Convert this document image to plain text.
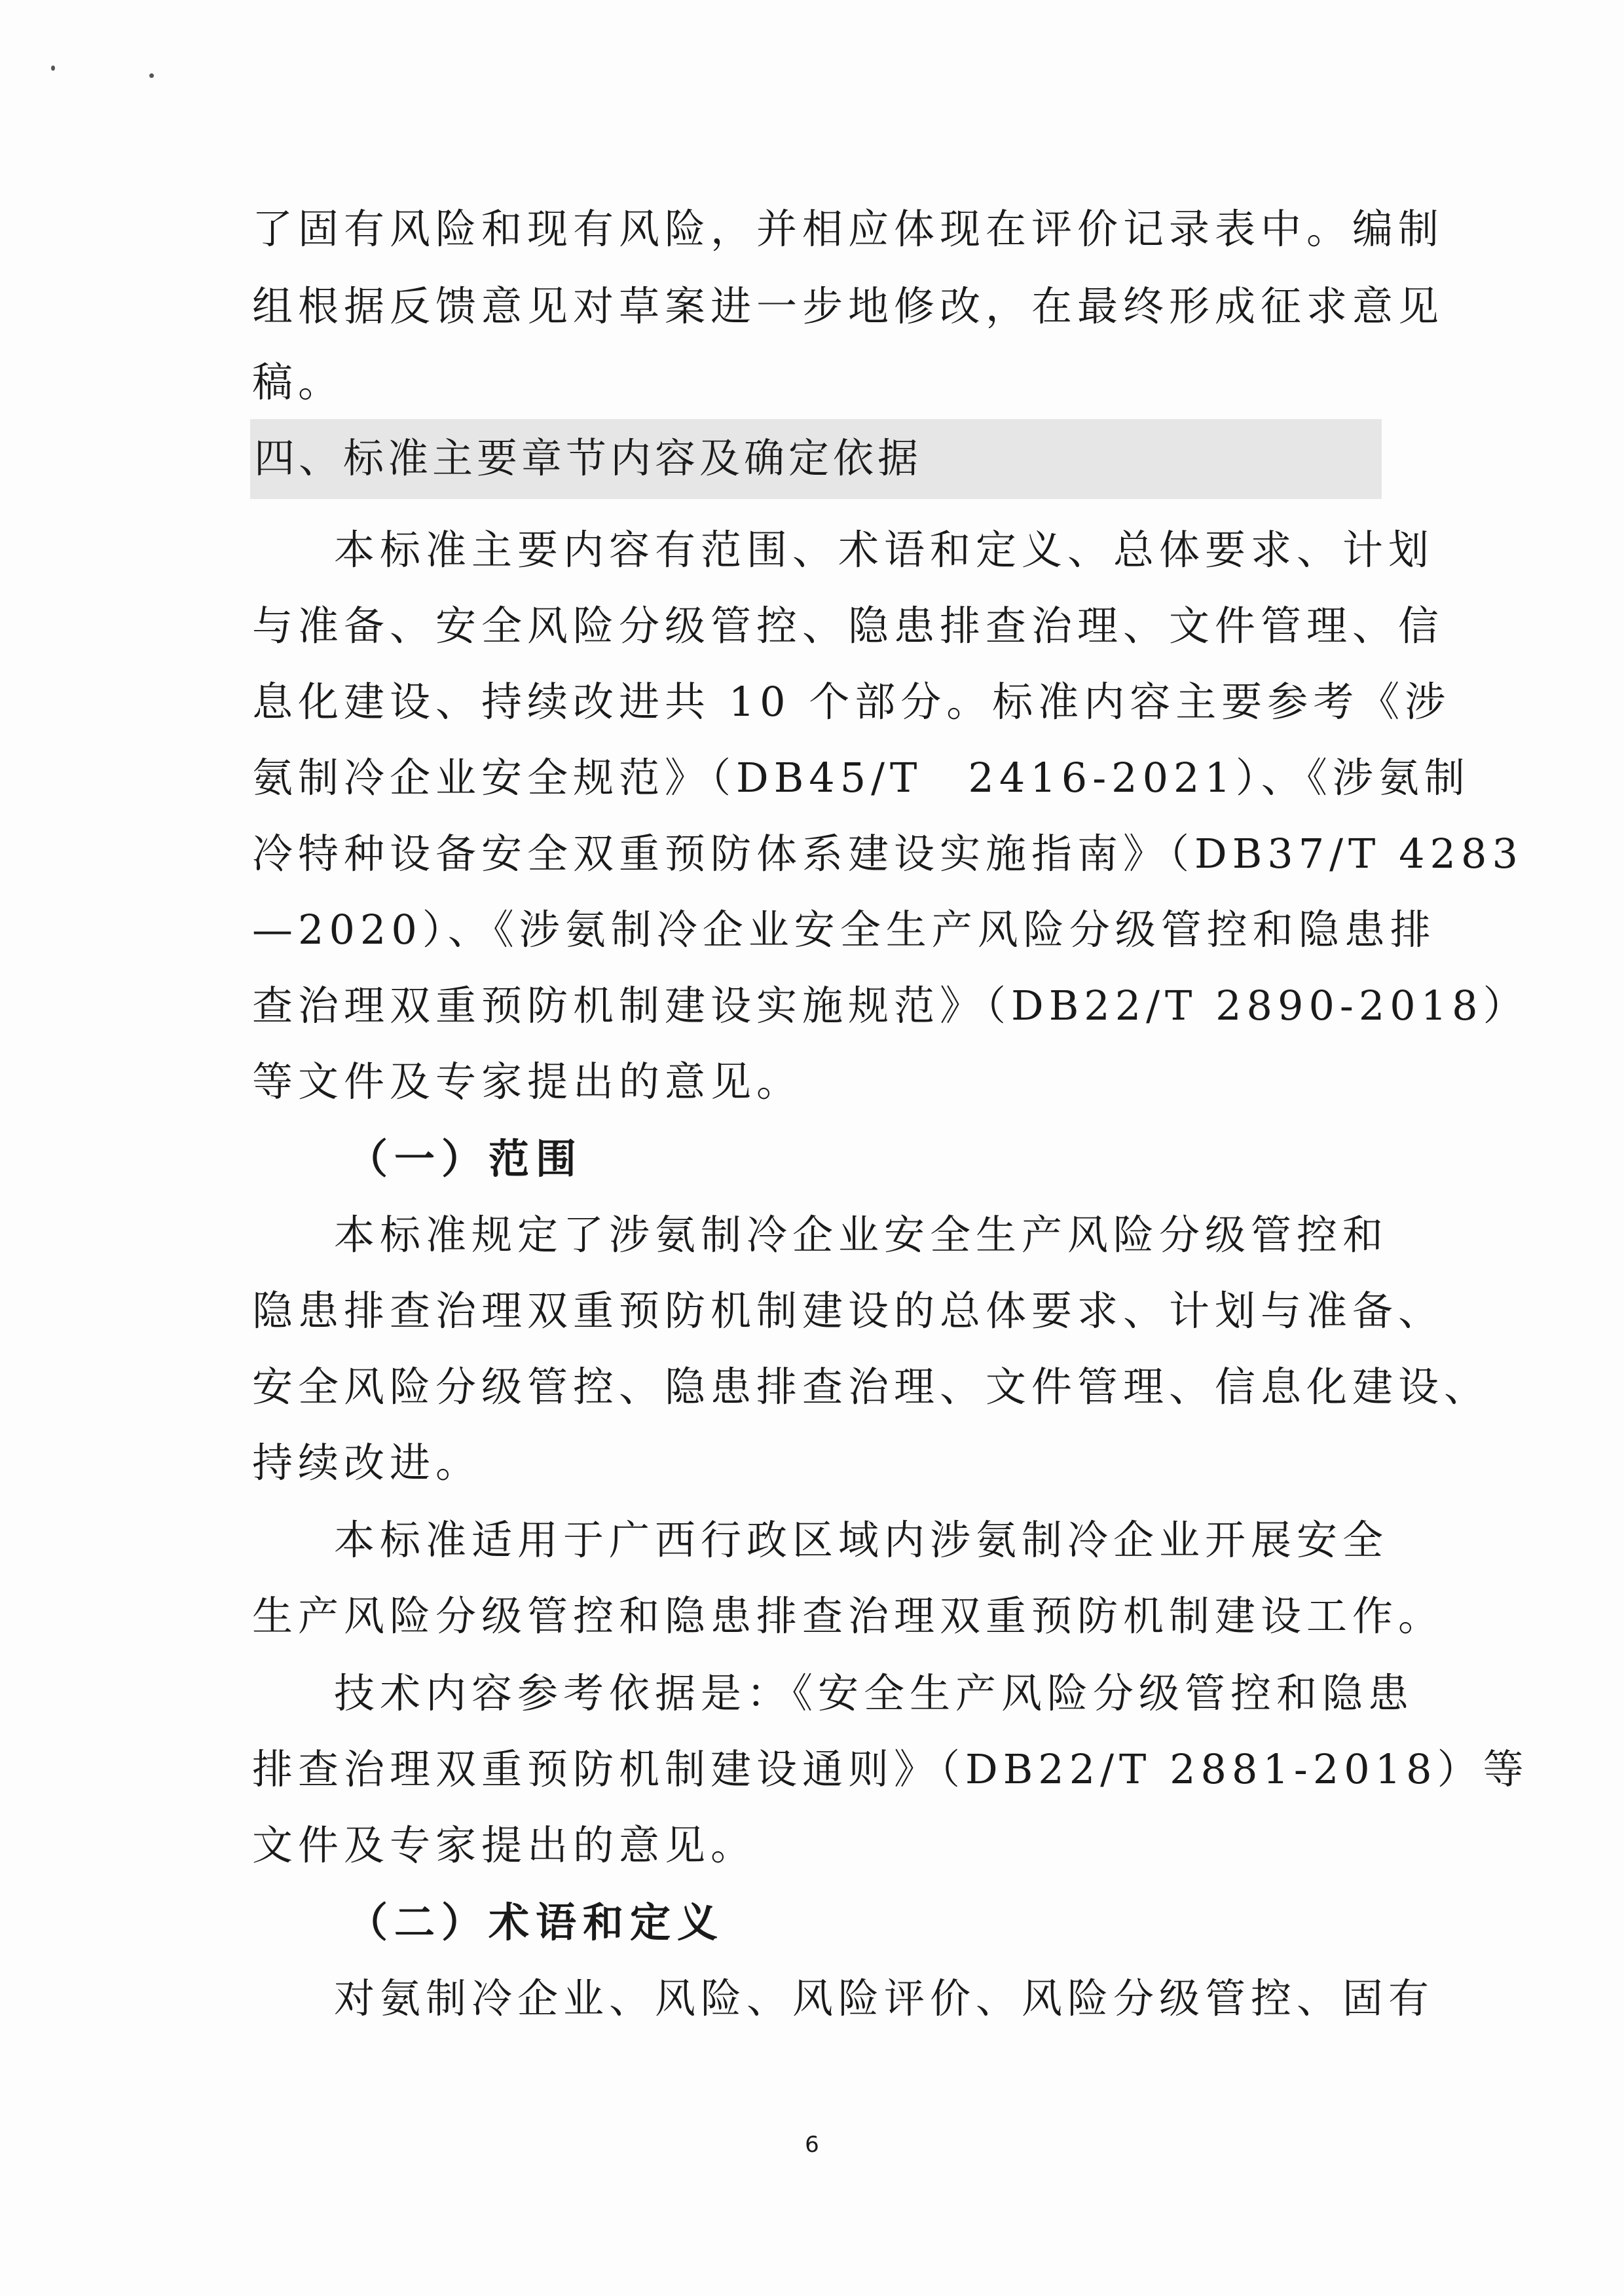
了固有风险和现有风险，并相应体现在评价记录表中。编制
组根据反馈意见对草案进一步地修改，在最终形成征求意见
稿。
四、标准主要章节内容及确定依据
本标准主要内容有范围、术语和定义、总体要求、计划
与准备、安全风险分级管控、隐患排查治理、文件管理、信
息化建设、持续改进共 10 个部分。标准内容主要参考《涉
氨制冷企业安全规范》（DB45/T　2416-2021）、《涉氨制
冷特种设备安全双重预防体系建设实施指南》（DB37/T 4283
—2020）、《涉氨制冷企业安全生产风险分级管控和隐患排
查治理双重预防机制建设实施规范》（DB22/T 2890-2018）
等文件及专家提出的意见。
（一）范围
本标准规定了涉氨制冷企业安全生产风险分级管控和
隐患排查治理双重预防机制建设的总体要求、计划与准备、
安全风险分级管控、隐患排查治理、文件管理、信息化建设、
持续改进。
本标准适用于广西行政区域内涉氨制冷企业开展安全
生产风险分级管控和隐患排查治理双重预防机制建设工作。
技术内容参考依据是：《安全生产风险分级管控和隐患
排查治理双重预防机制建设通则》（DB22/T 2881-2018）等
文件及专家提出的意见。
（二）术语和定义
对氨制冷企业、风险、风险评价、风险分级管控、固有
6
